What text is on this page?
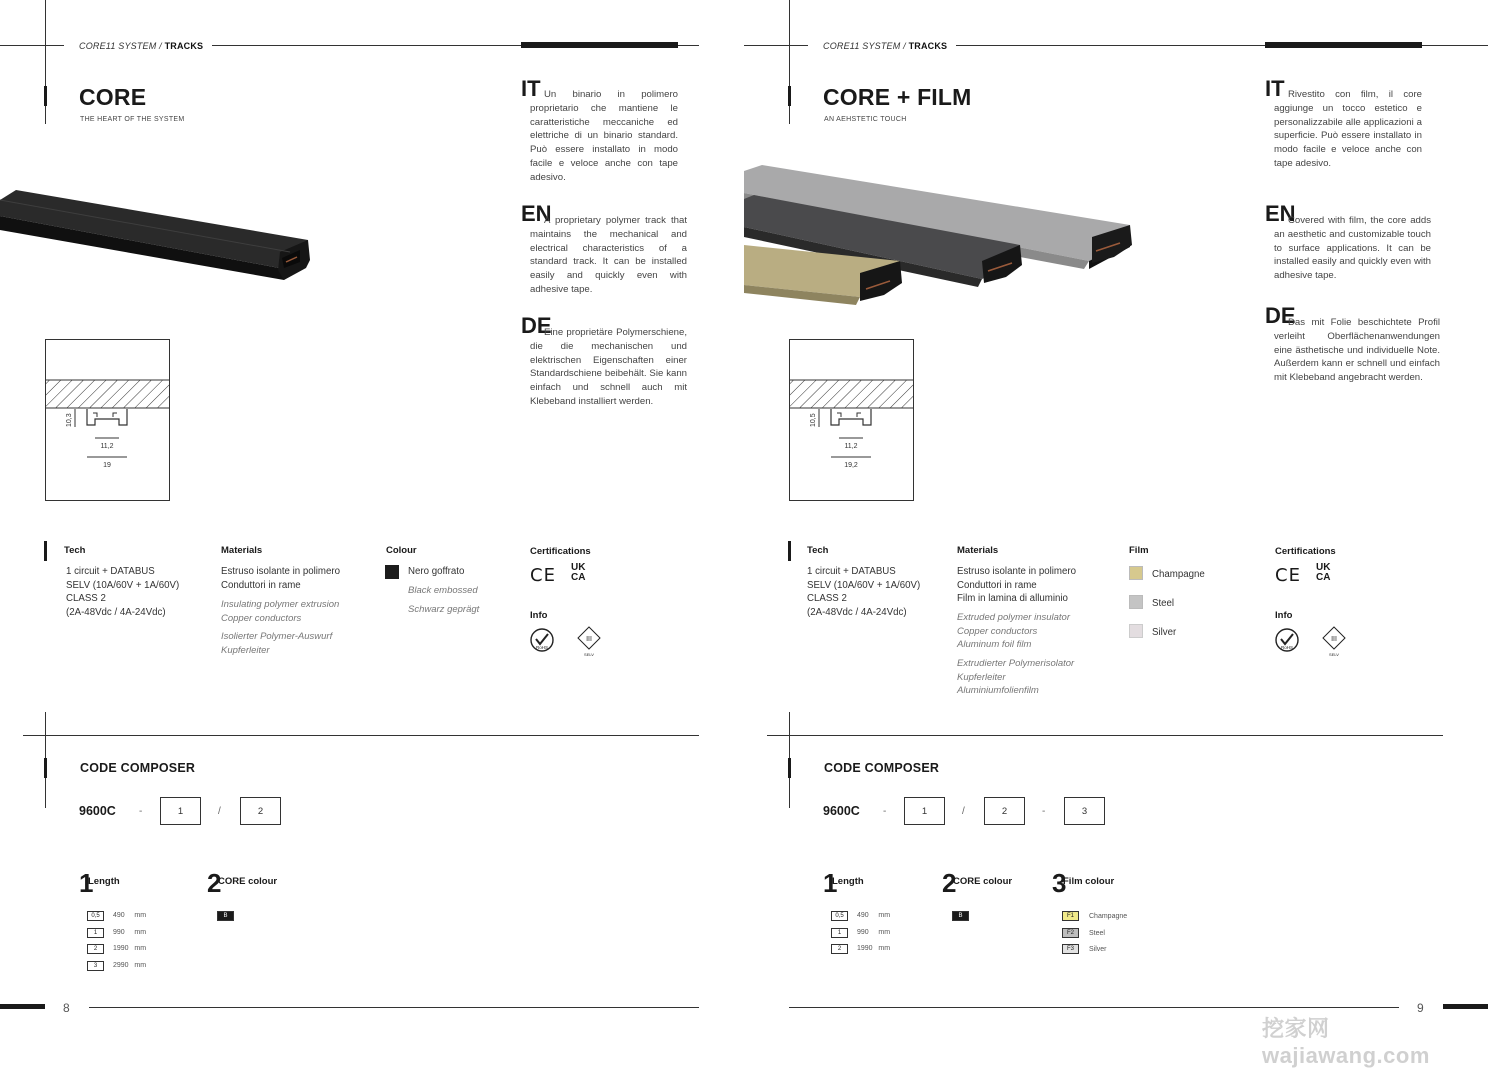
CORE11 SYSTEM / TRACKS
CORE
THE HEART OF THE SYSTEM
IT Un binario in polimero proprietario che mantiene le caratteristiche meccaniche ed elettriche di un binario standard. Può essere installato in modo facile e veloce anche con tape adesivo.
EN
A proprietary polymer track that maintains the mechanical and electrical characteristics of a standard track. It can be installed easily and quickly even with adhesive tape.
DE
Eine proprietäre Polymerschiene, die die mechanischen und elektrischen Eigenschaften einer Standardschiene beibehält. Sie kann einfach und schnell auch mit Klebeband installiert werden.
10,3
11,2
19
Tech
1 circuit + DATABUS
SELV (10A/60V + 1A/60V)
CLASS 2
(2A-48Vdc / 4A-24Vdc)
Materials
Estruso isolante in polimero
Conduttori in rame
Insulating polymer extrusion
Copper conductors
Isolierter Polymer-Auswurf
Kupferleiter
Colour
Nero goffrato
Black embossed
Schwarz geprägt
Certifications
CE UK
CA
Info
RoHS
III
SELV
CODE COMPOSER
9600C -	1	/	2
1
Length
0,5	490 mm
1	990 mm
2	1990 mm
3	2990 mm
2
CORE colour
B
8
CORE11 SYSTEM / TRACKS
CORE + FILM
AN AEHSTETIC TOUCH
IT Rivestito con film, il core aggiunge un tocco estetico e personalizzabile alle applicazioni a superficie. Può essere installato in modo facile e veloce anche con tape adesivo.
EN
Covered with film, the core adds an aesthetic and customizable touch to surface applications. It can be installed easily and quickly even with adhesive tape.
DE
Das mit Folie beschichtete Profil verleiht Oberflächenanwendungen eine ästhetische und individuelle Note. Außerdem kann er schnell und einfach mit Klebeband angebracht werden.
10,5
11,2
19,2
Tech
1 circuit + DATABUS
SELV (10A/60V + 1A/60V)
CLASS 2
(2A-48Vdc / 4A-24Vdc)
Materials
Estruso isolante in polimero
Conduttori in rame
Film in lamina di alluminio
Extruded polymer insulator
Copper conductors
Aluminum foil film
Extrudierter Polymerisolator
Kupferleiter
Aluminiumfolienfilm
Film
Champagne
Steel
Silver
Certifications
CE UK
CA
Info
RoHS
III
SELV
CODE COMPOSER
9600C -	1	/	2	-	3
1
Length
0,5	490 mm
1	990 mm
2	1990 mm
2
CORE colour
B
3
Film colour
F1	Champagne
F2	Steel
F3	Silver
9
挖家网 wajiawang.com
